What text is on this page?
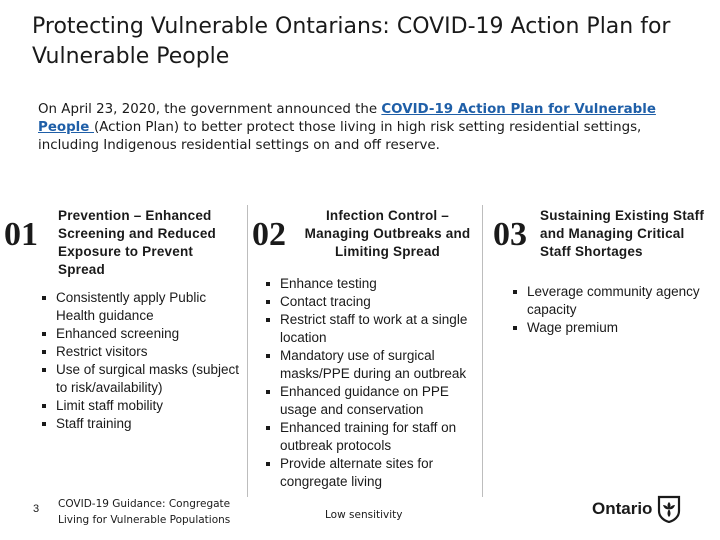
Protecting Vulnerable Ontarians: COVID-19 Action Plan for Vulnerable People
On April 23, 2020, the government announced the COVID-19 Action Plan for Vulnerable People (Action Plan) to better protect those living in high risk setting residential settings, including Indigenous residential settings on and off reserve.
01
Prevention – Enhanced Screening and Reduced Exposure to Prevent Spread
Consistently apply Public Health guidance
Enhanced screening
Restrict visitors
Use of surgical masks (subject to risk/availability)
Limit staff mobility
Staff training
02
Infection Control – Managing Outbreaks and Limiting Spread
Enhance testing
Contact tracing
Restrict staff to work at a single location
Mandatory use of surgical masks/PPE during an outbreak
Enhanced guidance on PPE usage and conservation
Enhanced training for staff on outbreak protocols
Provide alternate sites for congregate living
03
Sustaining Existing Staff and Managing Critical Staff Shortages
Leverage community agency capacity
Wage premium
3 COVID-19 Guidance: Congregate Living for Vulnerable Populations	Low sensitivity	Ontario
